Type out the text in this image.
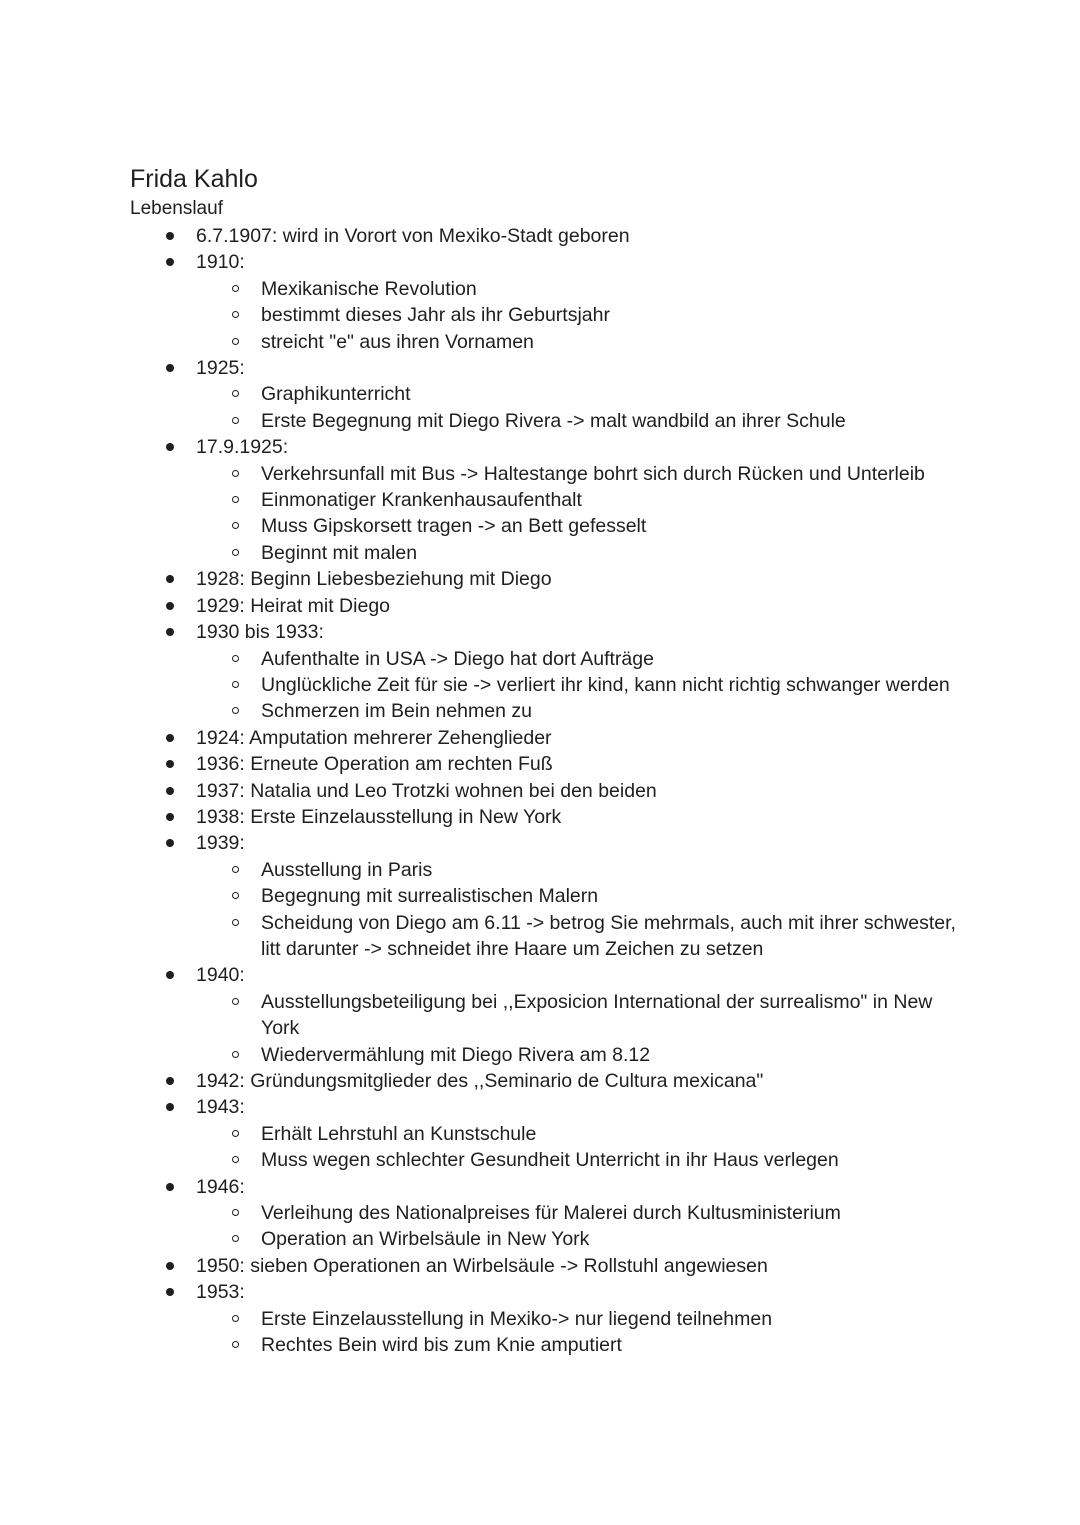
Frida Kahlo
Lebenslauf
6.7.1907: wird in Vorort von Mexiko-Stadt geboren
1910:
Mexikanische Revolution
bestimmt dieses Jahr als ihr Geburtsjahr
streicht "e" aus ihren Vornamen
1925:
Graphikunterricht
Erste Begegnung mit Diego Rivera -> malt wandbild an ihrer Schule
17.9.1925:
Verkehrsunfall mit Bus -> Haltestange bohrt sich durch Rücken und Unterleib
Einmonatiger Krankenhausaufenthalt
Muss Gipskorsett tragen -> an Bett gefesselt
Beginnt mit malen
1928: Beginn Liebesbeziehung mit Diego
1929: Heirat mit Diego
1930 bis 1933:
Aufenthalte in USA -> Diego hat dort Aufträge
Unglückliche Zeit für sie -> verliert ihr kind, kann nicht richtig schwanger werden
Schmerzen im Bein nehmen zu
1924: Amputation mehrerer Zehenglieder
1936: Erneute Operation am rechten Fuß
1937: Natalia und Leo Trotzki wohnen bei den beiden
1938: Erste Einzelausstellung in New York
1939:
Ausstellung in Paris
Begegnung mit surrealistischen Malern
Scheidung von Diego am 6.11 -> betrog Sie mehrmals, auch mit ihrer schwester, litt darunter -> schneidet ihre Haare um Zeichen zu setzen
1940:
Ausstellungsbeteiligung bei ,,Exposicion International der surrealismo" in New York
Wiedervermählung mit Diego Rivera am 8.12
1942: Gründungsmitglieder des ,,Seminario de Cultura mexicana"
1943:
Erhält Lehrstuhl an Kunstschule
Muss wegen schlechter Gesundheit Unterricht in ihr Haus verlegen
1946:
Verleihung des Nationalpreises für Malerei durch Kultusministerium
Operation an Wirbelsäule in New York
1950: sieben Operationen an Wirbelsäule -> Rollstuhl angewiesen
1953:
Erste Einzelausstellung in Mexiko-> nur liegend teilnehmen
Rechtes Bein wird bis zum Knie amputiert
